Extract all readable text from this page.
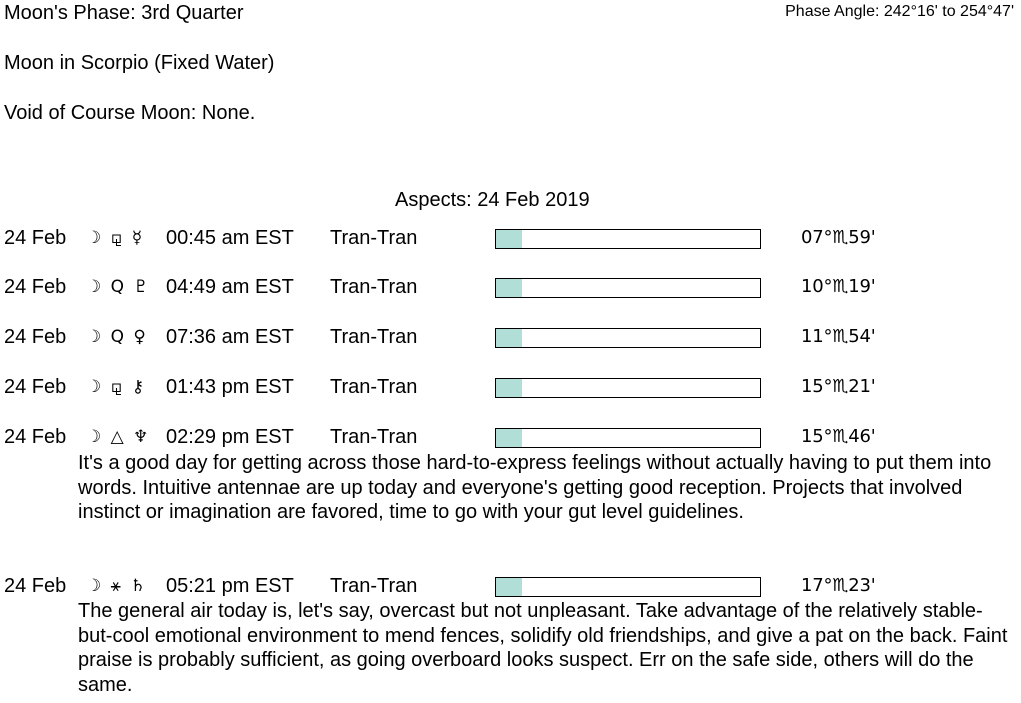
Moon's Phase: 3rd Quarter	Phase Angle: 242°16' to 254°47'
Moon in Scorpio (Fixed Water)
Void of Course Moon: None.
Aspects: 24 Feb 2019
24 Feb ☽ ⚼ ☿	00:45 am EST Tran-Tran	07°♏59'
24 Feb ☽ Q ♇ 04:49 am EST Tran-Tran	10°♏19'
24 Feb ☽ Q ♀ 07:36 am EST Tran-Tran	11°♏54'
24 Feb ☽ ⚼ ⚷ 01:43 pm EST Tran-Tran	15°♏21'
24 Feb ☽ △ ♆ 02:29 pm EST Tran-Tran	15°♏46'
It's a good day for getting across those hard-to-express feelings without actually having to put them into words. Intuitive antennae are up today and everyone's getting good reception. Projects that involved instinct or imagination are favored, time to go with your gut level guidelines.
24 Feb ☽ ⚹ ♄ 05:21 pm EST Tran-Tran	17°♏23'
The general air today is, let's say, overcast but not unpleasant. Take advantage of the relatively stable-but-cool emotional environment to mend fences, solidify old friendships, and give a pat on the back. Faint praise is probably sufficient, as going overboard looks suspect. Err on the safe side, others will do the same.
